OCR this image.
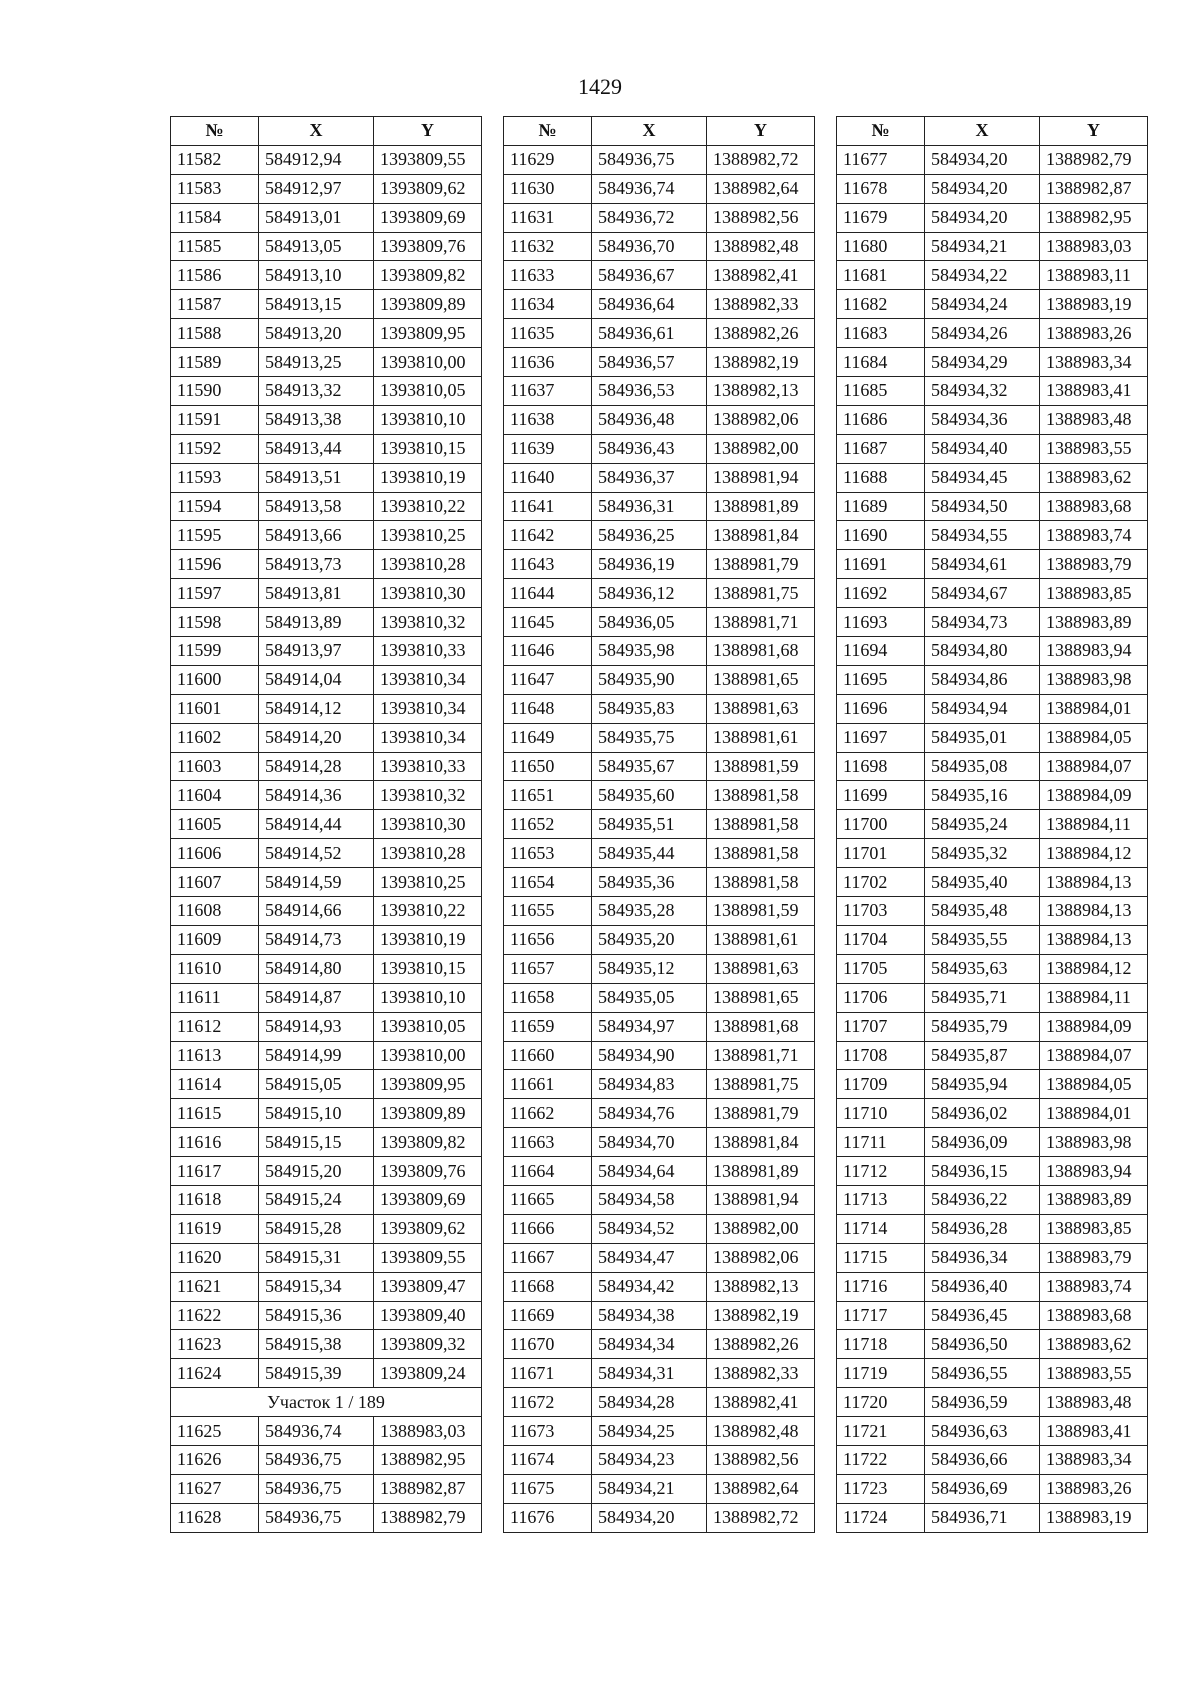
1429
№	X	Y
11582	584912,94	1393809,55
11583	584912,97	1393809,62
11584	584913,01	1393809,69
11585	584913,05	1393809,76
11586	584913,10	1393809,82
11587	584913,15	1393809,89
11588	584913,20	1393809,95
11589	584913,25	1393810,00
11590	584913,32	1393810,05
11591	584913,38	1393810,10
11592	584913,44	1393810,15
11593	584913,51	1393810,19
11594	584913,58	1393810,22
11595	584913,66	1393810,25
11596	584913,73	1393810,28
11597	584913,81	1393810,30
11598	584913,89	1393810,32
11599	584913,97	1393810,33
11600	584914,04	1393810,34
11601	584914,12	1393810,34
11602	584914,20	1393810,34
11603	584914,28	1393810,33
11604	584914,36	1393810,32
11605	584914,44	1393810,30
11606	584914,52	1393810,28
11607	584914,59	1393810,25
11608	584914,66	1393810,22
11609	584914,73	1393810,19
11610	584914,80	1393810,15
11611	584914,87	1393810,10
11612	584914,93	1393810,05
11613	584914,99	1393810,00
11614	584915,05	1393809,95
11615	584915,10	1393809,89
11616	584915,15	1393809,82
11617	584915,20	1393809,76
11618	584915,24	1393809,69
11619	584915,28	1393809,62
11620	584915,31	1393809,55
11621	584915,34	1393809,47
11622	584915,36	1393809,40
11623	584915,38	1393809,32
11624	584915,39	1393809,24
Участок 1 / 189		
11625	584936,74	1388983,03
11626	584936,75	1388982,95
11627	584936,75	1388982,87
11628	584936,75	1388982,79
№	X	Y
11629	584936,75	1388982,72
11630	584936,74	1388982,64
11631	584936,72	1388982,56
11632	584936,70	1388982,48
11633	584936,67	1388982,41
11634	584936,64	1388982,33
11635	584936,61	1388982,26
11636	584936,57	1388982,19
11637	584936,53	1388982,13
11638	584936,48	1388982,06
11639	584936,43	1388982,00
11640	584936,37	1388981,94
11641	584936,31	1388981,89
11642	584936,25	1388981,84
11643	584936,19	1388981,79
11644	584936,12	1388981,75
11645	584936,05	1388981,71
11646	584935,98	1388981,68
11647	584935,90	1388981,65
11648	584935,83	1388981,63
11649	584935,75	1388981,61
11650	584935,67	1388981,59
11651	584935,60	1388981,58
11652	584935,51	1388981,58
11653	584935,44	1388981,58
11654	584935,36	1388981,58
11655	584935,28	1388981,59
11656	584935,20	1388981,61
11657	584935,12	1388981,63
11658	584935,05	1388981,65
11659	584934,97	1388981,68
11660	584934,90	1388981,71
11661	584934,83	1388981,75
11662	584934,76	1388981,79
11663	584934,70	1388981,84
11664	584934,64	1388981,89
11665	584934,58	1388981,94
11666	584934,52	1388982,00
11667	584934,47	1388982,06
11668	584934,42	1388982,13
11669	584934,38	1388982,19
11670	584934,34	1388982,26
11671	584934,31	1388982,33
11672	584934,28	1388982,41
11673	584934,25	1388982,48
11674	584934,23	1388982,56
11675	584934,21	1388982,64
11676	584934,20	1388982,72
№	X	Y
11677	584934,20	1388982,79
11678	584934,20	1388982,87
11679	584934,20	1388982,95
11680	584934,21	1388983,03
11681	584934,22	1388983,11
11682	584934,24	1388983,19
11683	584934,26	1388983,26
11684	584934,29	1388983,34
11685	584934,32	1388983,41
11686	584934,36	1388983,48
11687	584934,40	1388983,55
11688	584934,45	1388983,62
11689	584934,50	1388983,68
11690	584934,55	1388983,74
11691	584934,61	1388983,79
11692	584934,67	1388983,85
11693	584934,73	1388983,89
11694	584934,80	1388983,94
11695	584934,86	1388983,98
11696	584934,94	1388984,01
11697	584935,01	1388984,05
11698	584935,08	1388984,07
11699	584935,16	1388984,09
11700	584935,24	1388984,11
11701	584935,32	1388984,12
11702	584935,40	1388984,13
11703	584935,48	1388984,13
11704	584935,55	1388984,13
11705	584935,63	1388984,12
11706	584935,71	1388984,11
11707	584935,79	1388984,09
11708	584935,87	1388984,07
11709	584935,94	1388984,05
11710	584936,02	1388984,01
11711	584936,09	1388983,98
11712	584936,15	1388983,94
11713	584936,22	1388983,89
11714	584936,28	1388983,85
11715	584936,34	1388983,79
11716	584936,40	1388983,74
11717	584936,45	1388983,68
11718	584936,50	1388983,62
11719	584936,55	1388983,55
11720	584936,59	1388983,48
11721	584936,63	1388983,41
11722	584936,66	1388983,34
11723	584936,69	1388983,26
11724	584936,71	1388983,19
